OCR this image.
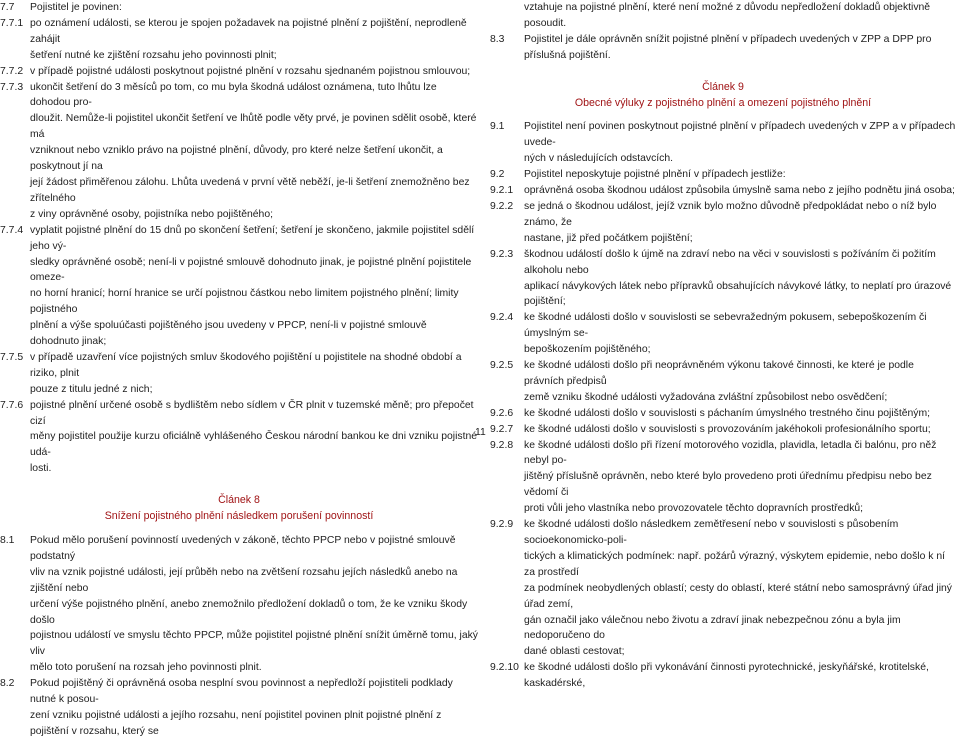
7.7	Pojistitel je povinen:
7.7.1 po oznámení události, se kterou je spojen požadavek na pojistné plnění z pojištění, neprodleně zahájit
šetření nutné ke zjištění rozsahu jeho povinnosti plnit;
7.7.2 v případě pojistné události poskytnout pojistné plnění v rozsahu sjednaném pojistnou smlouvou;
7.7.3 ukončit šetření do 3 měsíců po tom, co mu byla škodná událost oznámena, tuto lhůtu lze dohodou pro-
dloužit. Nemůže-li pojistitel ukončit šetření ve lhůtě podle věty prvé, je povinen sdělit osobě, které má
vzniknout nebo vzniklo právo na pojistné plnění, důvody, pro které nelze šetření ukončit, a poskytnout jí na
její žádost přiměřenou zálohu. Lhůta uvedená v první větě neběží, je-li šetření znemožněno bez zřítelného
z viny oprávněné osoby, pojistníka nebo pojištěného;
7.7.4 vyplatit pojistné plnění do 15 dnů po skončení šetření; šetření je skončeno, jakmile pojistitel sdělí jeho vý-
sledky oprávněné osobě; není-li v pojistné smlouvě dohodnuto jinak, je pojistné plnění pojistitele omeze-
no horní hranicí; horní hranice se určí pojistnou částkou nebo limitem pojistného plnění; limity pojistného
plnění a výše spoluúčasti pojištěného jsou uvedeny v PPCP, není-li v pojistné smlouvě dohodnuto jinak;
7.7.5 v případě uzavření více pojistných smluv škodového pojištění u pojistitele na shodné období a riziko, plnit
pouze z titulu jedné z nich;
7.7.6 pojistné plnění určené osobě s bydlištěm nebo sídlem v ČR plnit v tuzemské měně; pro přepočet cizí
měny pojistitel použije kurzu oficiálně vyhlášeného Českou národní bankou ke dni vzniku pojistné udá-
losti.
Článek 8
Snížení pojistného plnění následkem porušení povinností
8.1	Pokud mělo porušení povinností uvedených v zákoně, těchto PPCP nebo v pojistné smlouvě podstatný
vliv na vznik pojistné události, její průběh nebo na zvětšení rozsahu jejích následků anebo na zjištění nebo
určení výše pojistného plnění, anebo znemožnilo předložení dokladů o tom, že ke vzniku škody došlo
pojistnou událostí ve smyslu těchto PPCP, může pojistitel pojistné plnění snížit úměrně tomu, jaký vliv
mělo toto porušení na rozsah jeho povinnosti plnit.
8.2	Pokud pojištěný či oprávněná osoba nesplní svou povinnost a nepředloží pojistiteli podklady nutné k posou-
zení vzniku pojistné události a jejího rozsahu, není pojistitel povinen plnit pojistné plnění z pojištění v rozsahu, který se
vztahuje na pojistné plnění, které není možné z důvodu nepředložení dokladů objektivně posoudit.
8.3	Pojistitel je dále oprávněn snížit pojistné plnění v případech uvedených v ZPP a DPP pro příslušná pojištění.
Článek 9
Obecné výluky z pojistného plnění a omezení pojistného plnění
9.1	Pojistitel není povinen poskytnout pojistné plnění v případech uvedených v ZPP a v případech uvede-
ných v následujících odstavcích.
9.2	Pojistitel neposkytuje pojistné plnění v případech jestliže:
9.2.1	oprávněná osoba škodnou událost způsobila úmyslně sama nebo z jejího podnětu jiná osoba;
9.2.2	se jedná o škodnou událost, jejíž vznik bylo možno důvodně předpokládat nebo o níž bylo známo, že
nastane, již před počátkem pojištění;
9.2.3	škodnou událostí došlo k újmě na zdraví nebo na věci v souvislosti s požíváním či požitím alkoholu nebo
aplikací návykových látek nebo přípravků obsahujících návykové látky, to neplatí pro úrazové pojištění;
9.2.4	ke škodné události došlo v souvislosti se sebevražedným pokusem, sebepoškozením či úmyslným se-
bepoškozením pojištěného;
9.2.5	ke škodné události došlo při neoprávněném výkonu takové činnosti, ke které je podle právních předpisů
země vzniku škodné události vyžadována zvláštní způsobilost nebo osvědčení;
9.2.6	ke škodné události došlo v souvislosti s páchaním úmyslného trestného činu pojištěným;
9.2.7	ke škodné události došlo v souvislosti s provozováním jakéhokoli profesionálního sportu;
9.2.8	ke škodné události došlo při řízení motorového vozidla, plavidla, letadla či balónu, pro něž nebyl po-
jištěný příslušně oprávněn, nebo které bylo provedeno proti úřednímu předpisu nebo bez vědomí či
proti vůli jeho vlastníka nebo provozovatele těchto dopravních prostředků;
9.2.9	ke škodné události došlo následkem zemětřesení nebo v souvislosti s působením socioekonomicko-poli-
tických a klimatických podmínek: např. požárů výrazný, výskytem epidemie, nebo došlo k ní za prostředí
za podmínek neobydlených oblastí; cesty do oblastí, které státní nebo samosprávný úřad jiný úřad zemí,
gán označil jako válečnou nebo životu a zdraví jinak nebezpečnou zónu a byla jim nedoporučeno do
dané oblasti cestovat;
9.2.10 ke škodné události došlo při vykonávání činnosti pyrotechnické, jeskyňářské, krotitelské, kaskadérské,
11
